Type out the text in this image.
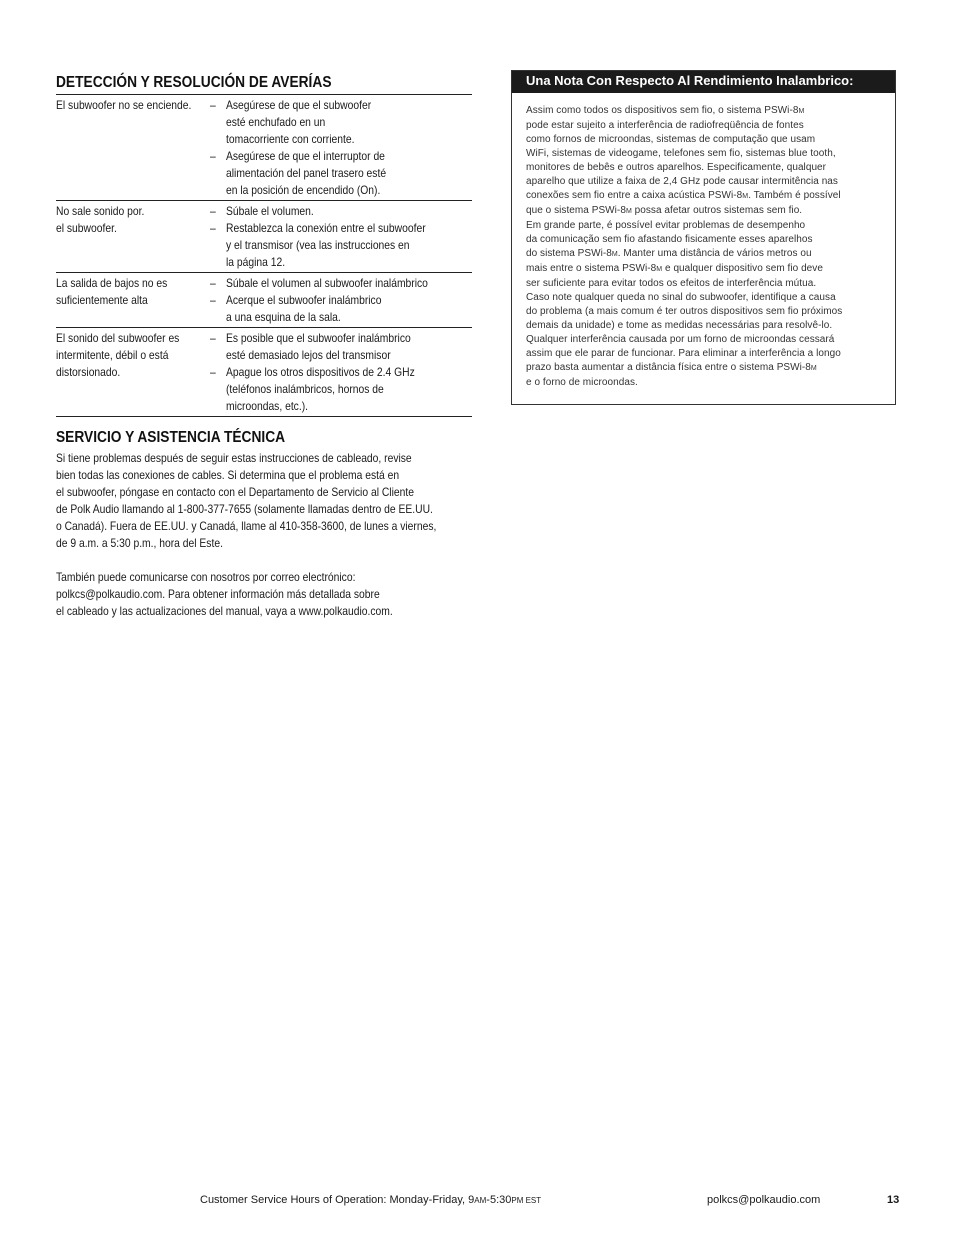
DETECCIÓN Y RESOLUCIÓN DE AVERÍAS
El subwoofer no se enciende. – Asegúrese de que el subwoofer
esté enchufado en un
tomacorriente con corriente.
– Asegúrese de que el interruptor de
alimentación del panel trasero esté
en la posición de encendido (On).
No sale sonido por.
el subwoofer.
– Súbale el volumen.
– Restablezca la conexión entre el subwoofer
y el transmisor (vea las instrucciones en
la página 12.
La salida de bajos no es
suficientemente alta
– Súbale el volumen al subwoofer inalámbrico
– Acerque el subwoofer inalámbrico
a una esquina de la sala.
El sonido del subwoofer es
intermitente, débil o está
distorsionado.
– Es posible que el subwoofer inalámbrico
esté demasiado lejos del transmisor
– Apague los otros dispositivos de 2.4 GHz
(teléfonos inalámbricos, hornos de
microondas, etc.).
SERVICIO Y ASISTENCIA TÉCNICA
Si tiene problemas después de seguir estas instrucciones de cableado, revise
bien todas las conexiones de cables. Si determina que el problema está en
el subwoofer, póngase en contacto con el Departamento de Servicio al Cliente
de Polk Audio llamando al 1-800-377-7655 (solamente llamadas dentro de EE.UU.
o Canadá). Fuera de EE.UU. y Canadá, llame al 410-358-3600, de lunes a viernes,
de 9 a.m. a 5:30 p.m., hora del Este.
También puede comunicarse con nosotros por correo electrónico:
polkcs@polkaudio.com. Para obtener información más detallada sobre
el cableado y las actualizaciones del manual, vaya a www.polkaudio.com.
Una Nota Con Respecto Al Rendimiento Inalambrico:
Assim como todos os dispositivos sem fio, o sistema PSWi-8M
pode estar sujeito a interferência de radiofreqüência de fontes
como fornos de microondas, sistemas de computação que usam
WiFi, sistemas de videogame, telefones sem fio, sistemas blue tooth,
monitores de bebês e outros aparelhos. Especificamente, qualquer
aparelho que utilize a faixa de 2,4 GHz pode causar intermitência nas
conexões sem fio entre a caixa acústica PSWi-8M. Também é possível
que o sistema PSWi-8M possa afetar outros sistemas sem fio.
Em grande parte, é possível evitar problemas de desempenho
da comunicação sem fio afastando fisicamente esses aparelhos
do sistema PSWi-8M. Manter uma distância de vários metros ou
mais entre o sistema PSWi-8M e qualquer dispositivo sem fio deve
ser suficiente para evitar todos os efeitos de interferência mútua.
Caso note qualquer queda no sinal do subwoofer, identifique a causa
do problema (a mais comum é ter outros dispositivos sem fio próximos
demais da unidade) e tome as medidas necessárias para resolvê-lo.
Qualquer interferência causada por um forno de microondas cessará
assim que ele parar de funcionar. Para eliminar a interferência a longo
prazo basta aumentar a distância física entre o sistema PSWi-8M
e o forno de microondas.
Customer Service Hours of Operation: Monday-Friday, 9AM-5:30PM EST	polkcs@polkaudio.com	13
